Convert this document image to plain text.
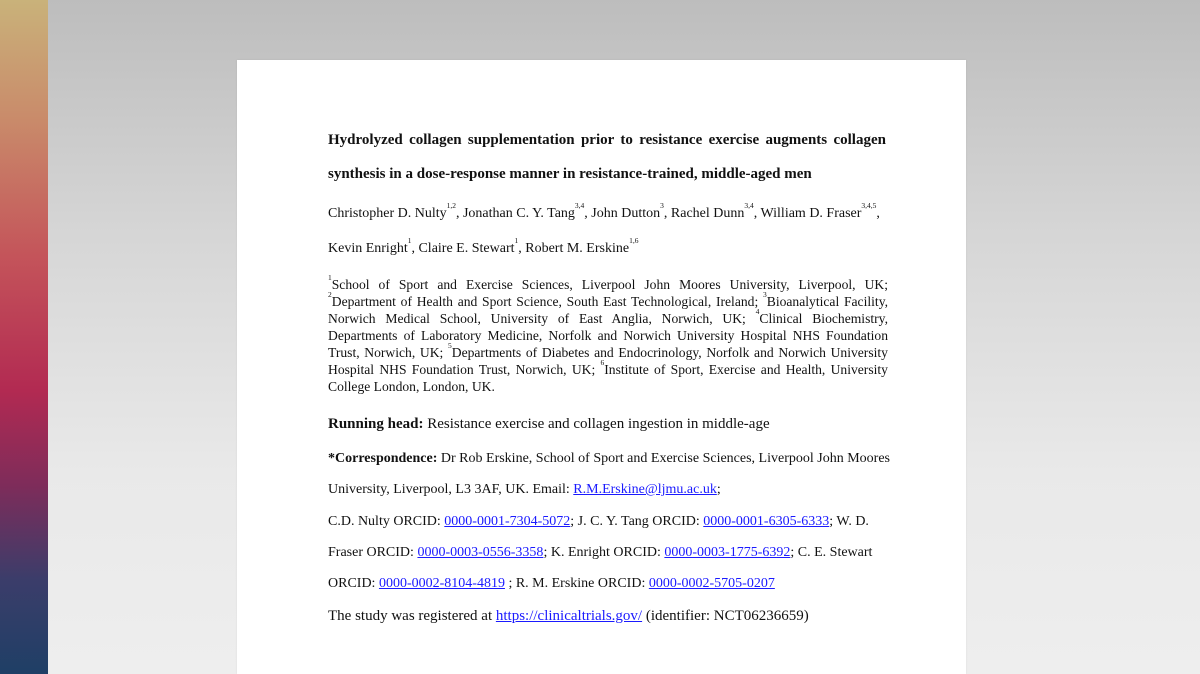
Hydrolyzed collagen supplementation prior to resistance exercise augments collagen
synthesis in a dose-response manner in resistance-trained, middle-aged men
Christopher D. Nulty$^{1,2}$, Jonathan C. Y. Tang$^{3,4}$, John Dutton$^3$, Rachel Dunn$^{3,4}$, William D. Fraser$^{3,4,5}$,
Kevin Enright$^1$, Claire E. Stewart$^1$, Robert M. Erskine$^{1,6}$
$^1$School of Sport and Exercise Sciences, Liverpool John Moores University, Liverpool, UK; $^2$Department of Health and Sport Science, South East Technological, Ireland; $^3$Bioanalytical Facility, Norwich Medical School, University of East Anglia, Norwich, UK; $^4$Clinical Biochemistry, Departments of Laboratory Medicine, Norfolk and Norwich University Hospital NHS Foundation Trust, Norwich, UK; $^5$Departments of Diabetes and Endocrinology, Norfolk and Norwich University Hospital NHS Foundation Trust, Norwich, UK; $^6$Institute of Sport, Exercise and Health, University College London, London, UK.
Running head: Resistance exercise and collagen ingestion in middle-age
*Correspondence: Dr Rob Erskine, School of Sport and Exercise Sciences, Liverpool John Moores
University, Liverpool, L3 3AF, UK. Email: R.M.Erskine@ljmu.ac.uk;
C.D. Nulty ORCID: 0000-0001-7304-5072; J. C. Y. Tang ORCID: 0000-0001-6305-6333; W. D.
Fraser ORCID: 0000-0003-0556-3358; K. Enright ORCID: 0000-0003-1775-6392; C. E. Stewart
ORCID: 0000-0002-8104-4819 ; R. M. Erskine ORCID: 0000-0002-5705-0207
The study was registered at https://clinicaltrials.gov/ (identifier: NCT06236659)
